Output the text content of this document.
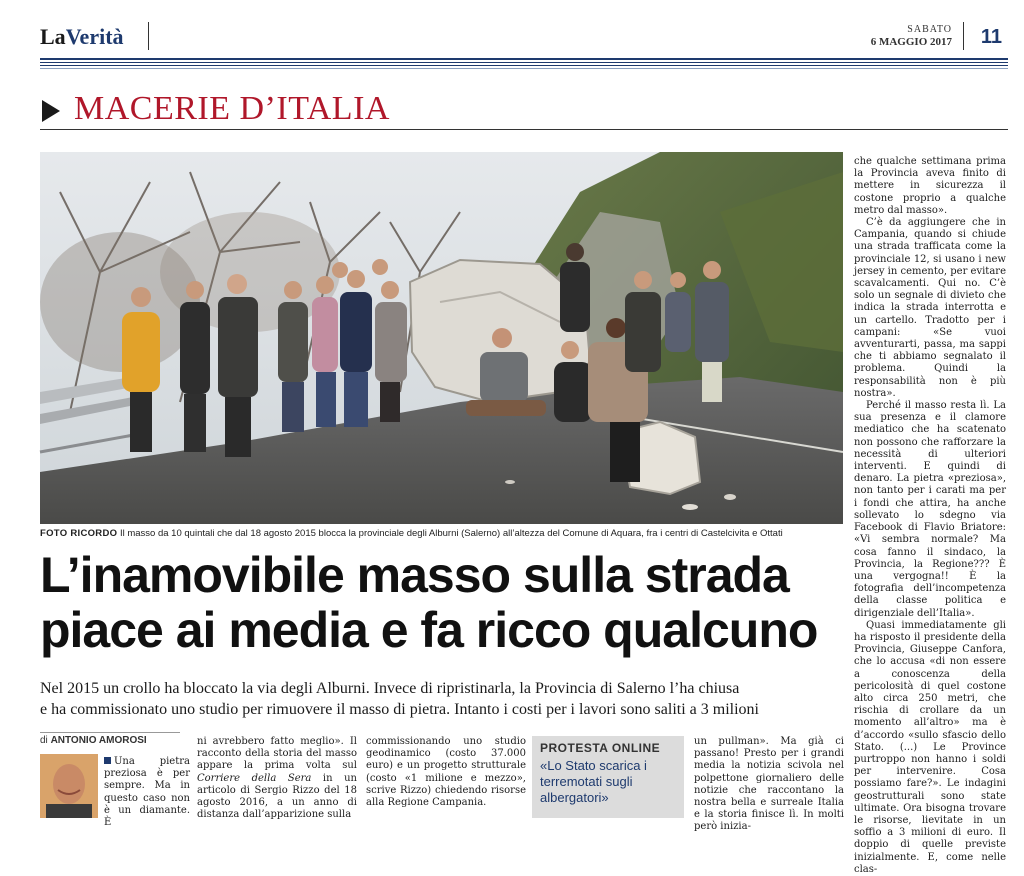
LaVerità	SABATO
6 MAGGIO 2017 11
MACERIE D’ITALIA
FOTO RICORDO Il masso da 10 quintali che dal 18 agosto 2015 blocca la provinciale degli Alburni (Salerno) all’altezza del Comune di Aquara, fra i centri di Castelcivita e Ottati
L’inamovibile masso sulla strada
piace ai media e fa ricco qualcuno
Nel 2015 un crollo ha bloccato la via degli Alburni. Invece di ripristinarla, la Provincia di Salerno l’ha chiusa
e ha commissionato uno studio per rimuovere il masso di pietra. Intanto i costi per i lavori sono saliti a 3 milioni
di ANTONIO AMOROSI
Una pietra preziosa è per sempre. Ma in questo caso non è un diamante. È
ni avrebbero fatto meglio». Il racconto della storia del masso appare la prima volta sul Corriere della Sera in un articolo di Sergio Rizzo del 18 agosto 2016, a un anno di distanza dall’apparizione sulla
commissionando uno studio geodinamico (costo 37.000 euro) e un progetto strutturale (costo «1 milione e mezzo», scrive Rizzo) chiedendo risorse alla Regione Campania.
PROTESTA ONLINE
«Lo Stato scarica i terremotati sugli albergatori»
un pullman». Ma già ci passano! Presto per i grandi media la notizia scivola nel polpettone giornaliero delle notizie che raccontano la nostra bella e surreale Italia e la storia finisce lì. In molti però inizia-

che qualche settimana prima la Provincia aveva finito di mettere in sicurezza il costone proprio a qualche metro dal masso».

C’è da aggiungere che in Campania, quando si chiude una strada trafficata come la provinciale 12, si usano i new jersey in cemento, per evitare scavalcamenti. Qui no. C’è solo un segnale di divieto che indica la strada interrotta e un cartello. Tradotto per i campani: «Se vuoi avventurarti, passa, ma sappi che ti abbiamo segnalato il problema. Quindi la responsabilità non è più nostra».

Perché il masso resta lì. La sua presenza e il clamore mediatico che ha scatenato non possono che rafforzare la necessità di ulteriori interventi. E quindi di denaro. La pietra «preziosa», non tanto per i carati ma per i fondi che attira, ha anche sollevato lo sdegno via Facebook di Flavio Briatore: «Vi sembra normale? Ma cosa fanno il sindaco, la Provincia, la Regione??? È una vergogna!! È la fotografia dell’incompetenza della classe politica e dirigenziale dell’Italia».

Quasi immediatamente gli ha risposto il presidente della Provincia, Giuseppe Canfora, che lo accusa «di non essere a conoscenza della pericolosità di quel costone alto circa 250 metri, che rischia di crollare da un momento all’altro» ma è d’accordo «sullo sfascio dello Stato. (...) Le Province purtroppo non hanno i soldi per intervenire. Cosa possiamo fare?». Le indagini geostrutturali sono state ultimate. Ora bisogna trovare le risorse, lievitate in un soffio a 3 milioni di euro. Il doppio di quelle previste inizialmente. E, come nelle clas-
